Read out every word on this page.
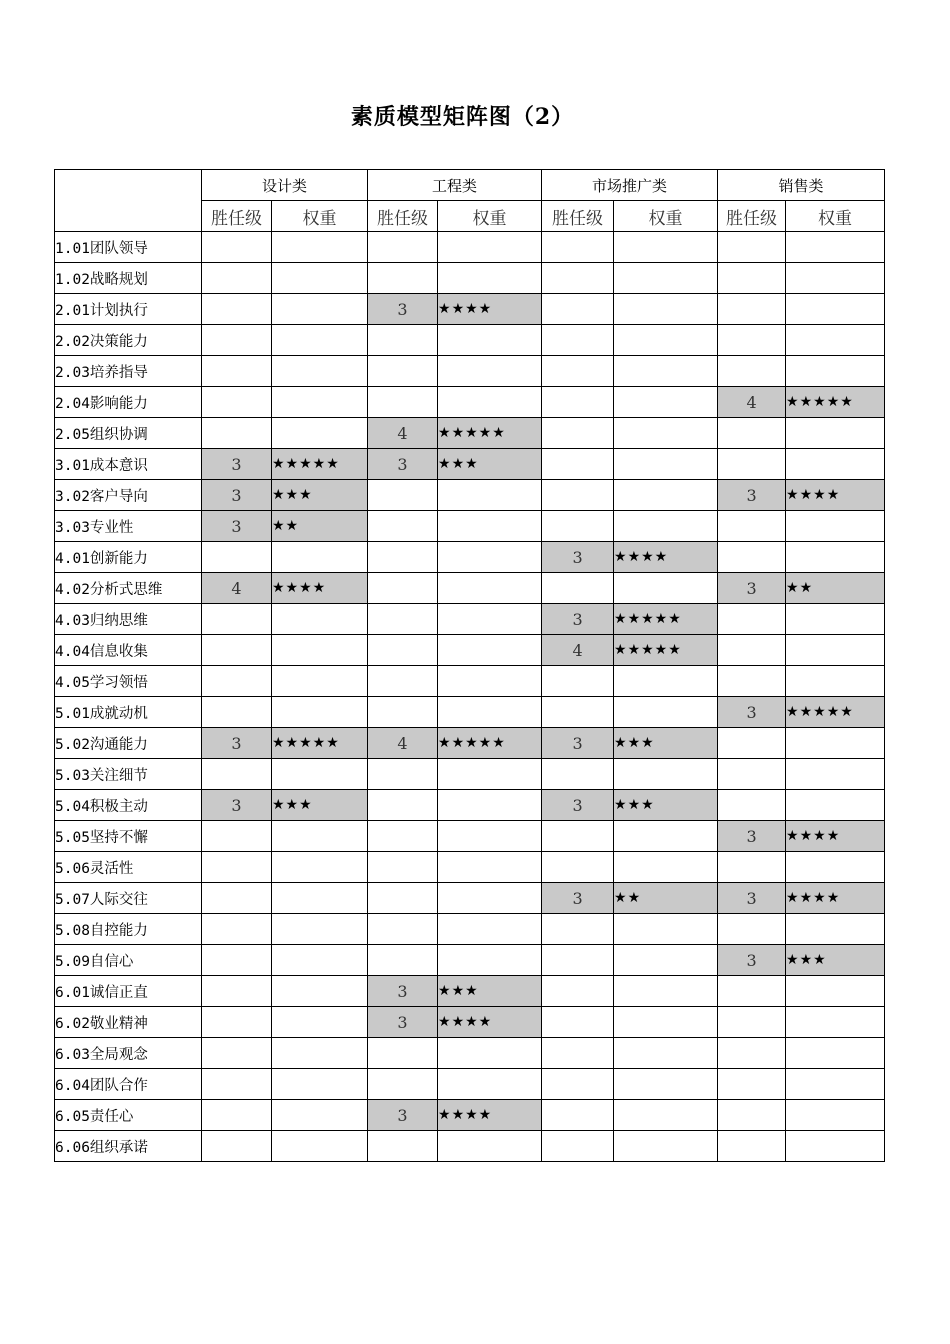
素质模型矩阵图（2）
	设计类		工程类		市场推广类		销售类	
	胜任级	权重	胜任级	权重	胜任级	权重	胜任级	权重
1.01团队领导								
1.02战略规划								
2.01计划执行			3	★★★★				
2.02决策能力								
2.03培养指导								
2.04影响能力							4	★★★★★
2.05组织协调			4	★★★★★				
3.01成本意识	3	★★★★★	3	★★★				
3.02客户导向	3	★★★					3	★★★★
3.03专业性	3	★★						
4.01创新能力					3	★★★★		
4.02分析式思维	4	★★★★					3	★★
4.03归纳思维					3	★★★★★		
4.04信息收集					4	★★★★★		
4.05学习领悟								
5.01成就动机							3	★★★★★
5.02沟通能力	3	★★★★★	4	★★★★★	3	★★★		
5.03关注细节								
5.04积极主动	3	★★★			3	★★★		
5.05坚持不懈							3	★★★★
5.06灵活性								
5.07人际交往					3	★★	3	★★★★
5.08自控能力								
5.09自信心							3	★★★
6.01诚信正直			3	★★★				
6.02敬业精神			3	★★★★				
6.03全局观念								
6.04团队合作								
6.05责任心			3	★★★★				
6.06组织承诺								
